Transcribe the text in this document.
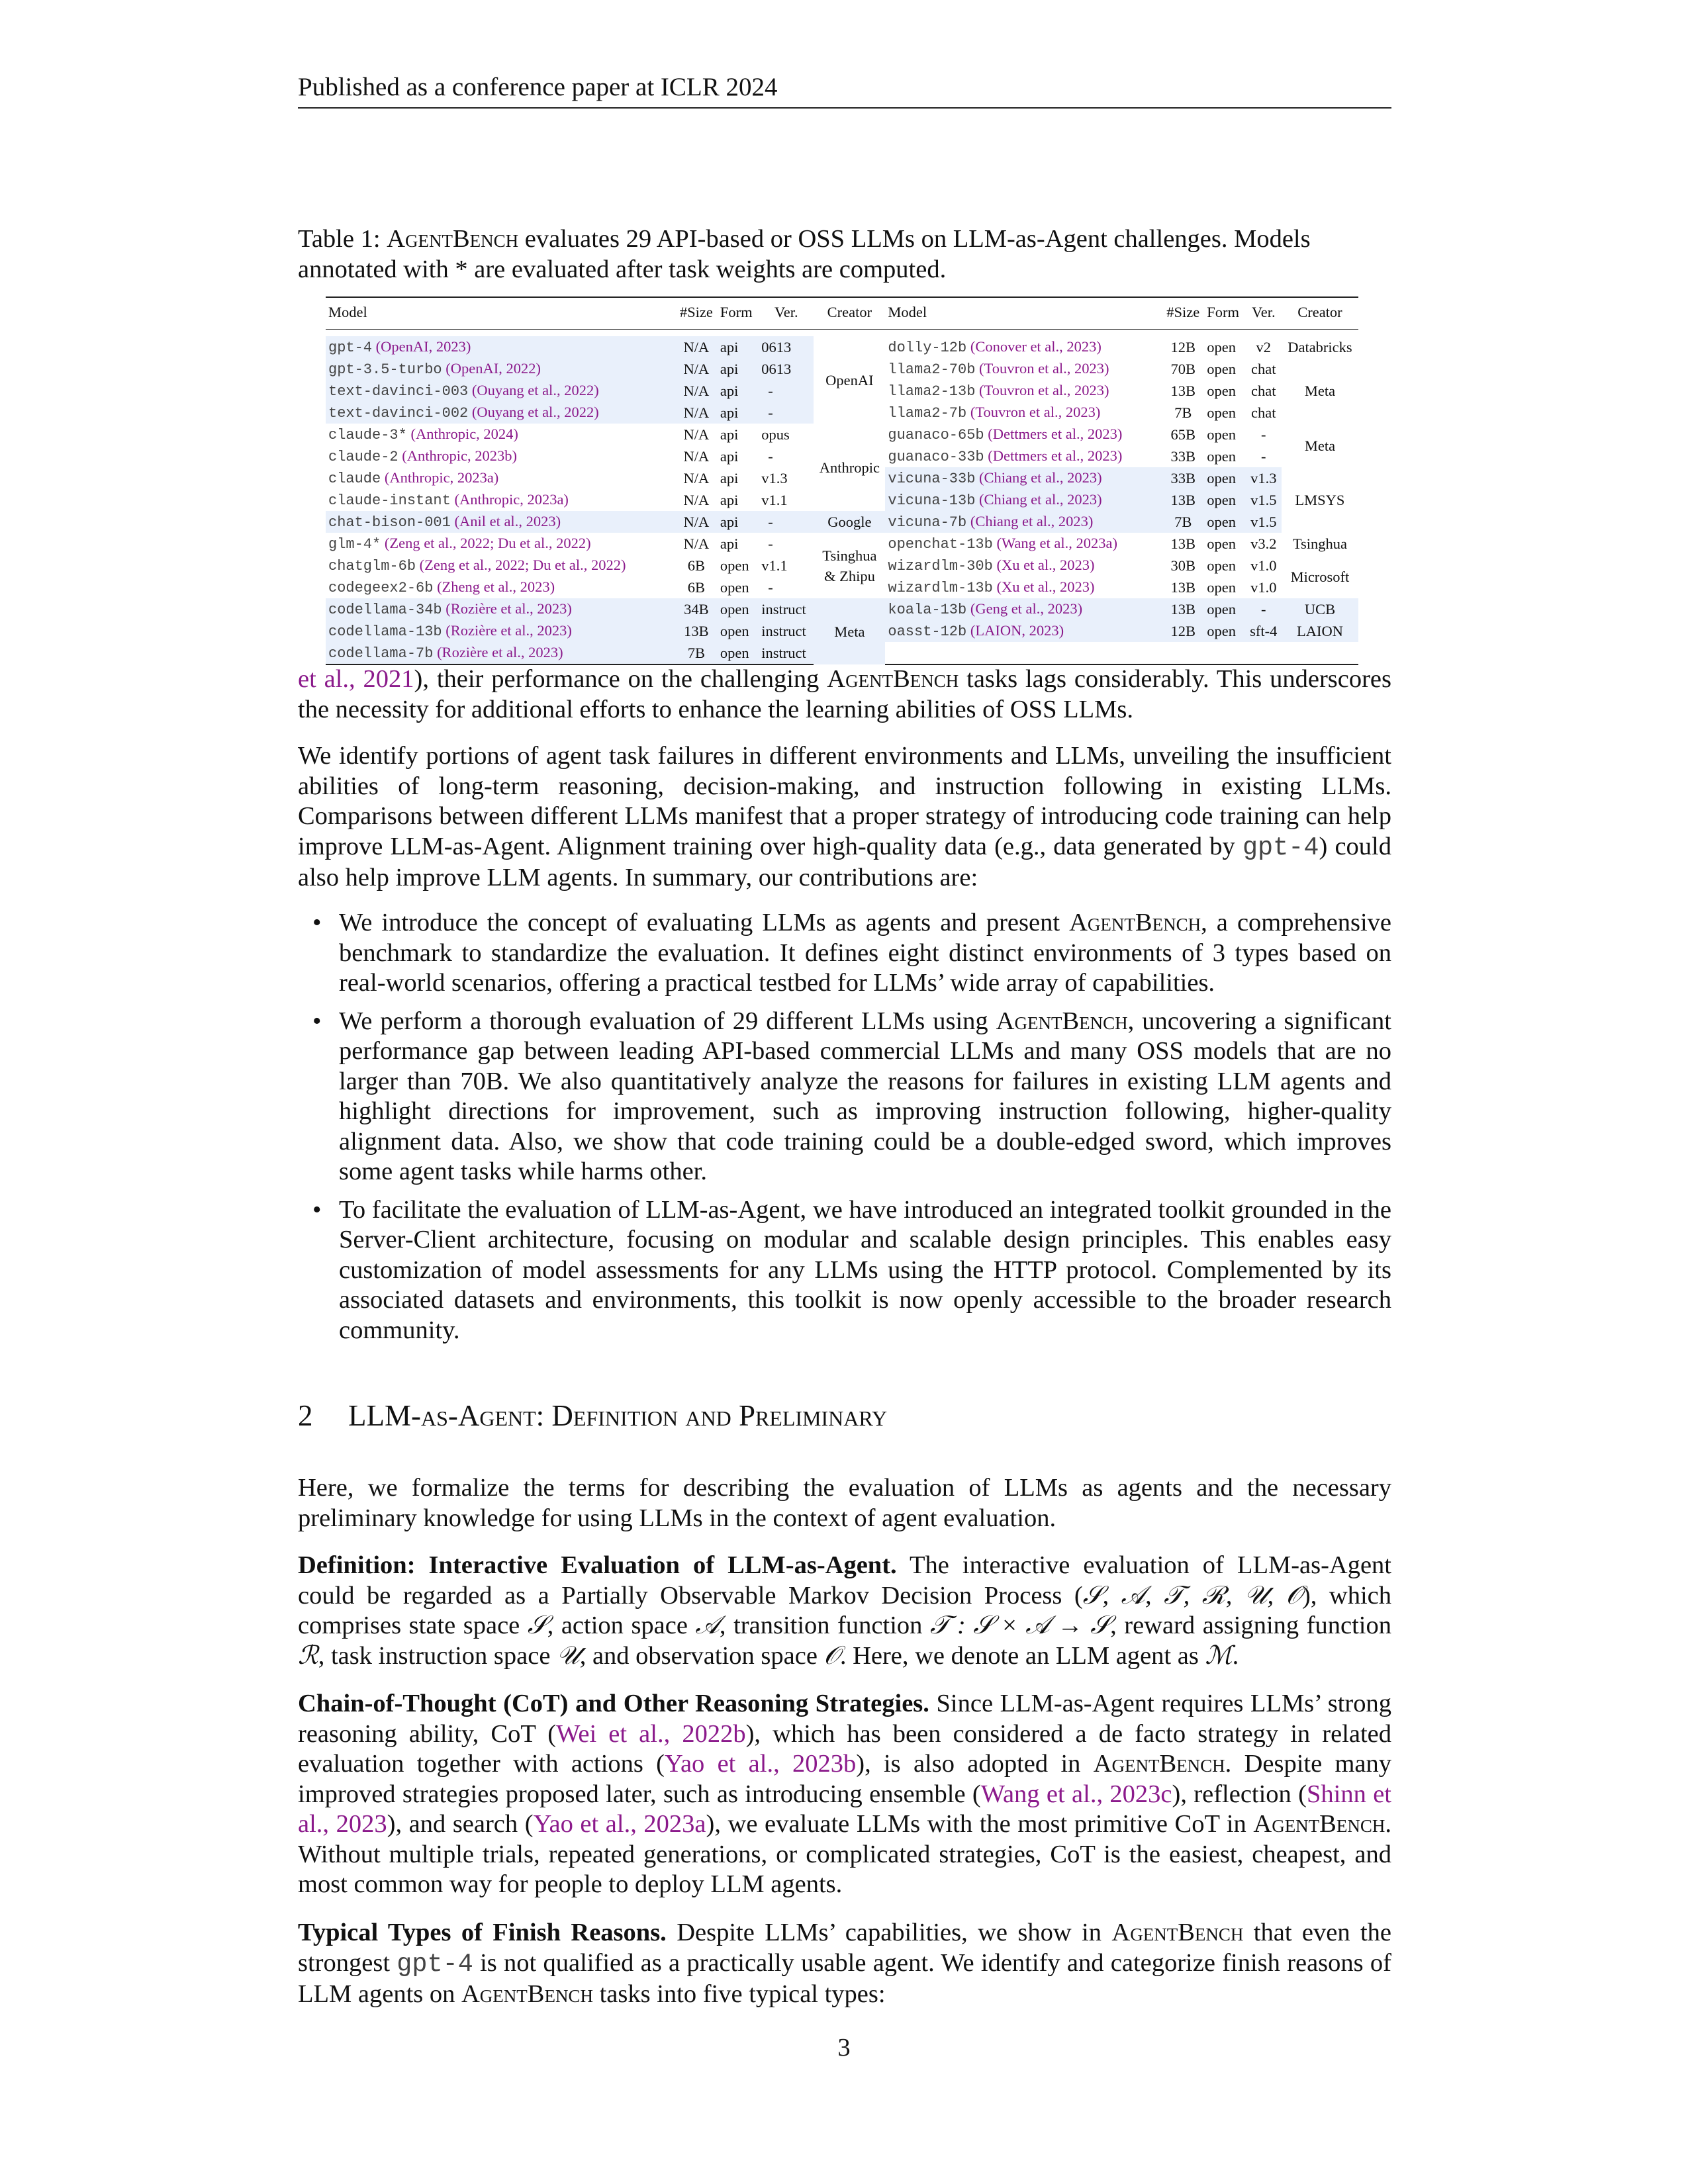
Published as a conference paper at ICLR 2024
Table 1: AgentBench evaluates 29 API-based or OSS LLMs on LLM-as-Agent challenges. Models annotated with * are evaluated after task weights are computed.
Model	#Size	Form	Ver.	Creator	Model	#Size	Form	Ver.	Creator

gpt-4 (OpenAI, 2023)	N/A	api	0613	OpenAI	dolly-12b (Conover et al., 2023)	12B	open	v2	Databricks
gpt-3.5-turbo (OpenAI, 2022)	N/A	api	0613		llama2-70b (Touvron et al., 2023)	70B	open	chat	Meta
text-davinci-003 (Ouyang et al., 2022)	N/A	api	-		llama2-13b (Touvron et al., 2023)	13B	open	chat	
text-davinci-002 (Ouyang et al., 2022)	N/A	api	-		llama2-7b (Touvron et al., 2023)	7B	open	chat	
claude-3* (Anthropic, 2024)	N/A	api	opus	Anthropic	guanaco-65b (Dettmers et al., 2023)	65B	open	-	Meta
claude-2 (Anthropic, 2023b)	N/A	api	-		guanaco-33b (Dettmers et al., 2023)	33B	open	-	
claude (Anthropic, 2023a)	N/A	api	v1.3		vicuna-33b (Chiang et al., 2023)	33B	open	v1.3	LMSYS
claude-instant (Anthropic, 2023a)	N/A	api	v1.1		vicuna-13b (Chiang et al., 2023)	13B	open	v1.5	
chat-bison-001 (Anil et al., 2023)	N/A	api	-	Google	vicuna-7b (Chiang et al., 2023)	7B	open	v1.5	
glm-4* (Zeng et al., 2022; Du et al., 2022)	N/A	api	-	Tsinghua & Zhipu	openchat-13b (Wang et al., 2023a)	13B	open	v3.2	Tsinghua
chatglm-6b (Zeng et al., 2022; Du et al., 2022)	6B	open	v1.1		wizardlm-30b (Xu et al., 2023)	30B	open	v1.0	Microsoft
codegeex2-6b (Zheng et al., 2023)	6B	open	-		wizardlm-13b (Xu et al., 2023)	13B	open	v1.0	
codellama-34b (Rozière et al., 2023)	34B	open	instruct	Meta	koala-13b (Geng et al., 2023)	13B	open	-	UCB
codellama-13b (Rozière et al., 2023)	13B	open	instruct		oasst-12b (LAION, 2023)	12B	open	sft-4	LAION
codellama-7b (Rozière et al., 2023)	7B	open	instruct						

et al., 2021), their performance on the challenging AgentBench tasks lags considerably. This underscores the necessity for additional efforts to enhance the learning abilities of OSS LLMs.

We identify portions of agent task failures in different environments and LLMs, unveiling the insufficient abilities of long-term reasoning, decision-making, and instruction following in existing LLMs. Comparisons between different LLMs manifest that a proper strategy of introducing code training can help improve LLM-as-Agent. Alignment training over high-quality data (e.g., data generated by gpt-4) could also help improve LLM agents. In summary, our contributions are:

• We introduce the concept of evaluating LLMs as agents and present AgentBench, a comprehensive benchmark to standardize the evaluation. It defines eight distinct environments of 3 types based on real-world scenarios, offering a practical testbed for LLMs’ wide array of capabilities.
• We perform a thorough evaluation of 29 different LLMs using AgentBench, uncovering a significant performance gap between leading API-based commercial LLMs and many OSS models that are no larger than 70B. We also quantitatively analyze the reasons for failures in existing LLM agents and highlight directions for improvement, such as improving instruction following, higher-quality alignment data. Also, we show that code training could be a double-edged sword, which improves some agent tasks while harms other.
• To facilitate the evaluation of LLM-as-Agent, we have introduced an integrated toolkit grounded in the Server-Client architecture, focusing on modular and scalable design principles. This enables easy customization of model assessments for any LLMs using the HTTP protocol. Complemented by its associated datasets and environments, this toolkit is now openly accessible to the broader research community.
2 LLM-as-Agent: Definition and Preliminary
Here, we formalize the terms for describing the evaluation of LLMs as agents and the necessary preliminary knowledge for using LLMs in the context of agent evaluation.

Definition: Interactive Evaluation of LLM-as-Agent. The interactive evaluation of LLM-as-Agent could be regarded as a Partially Observable Markov Decision Process (𝒮, 𝒜, 𝒯, ℛ, 𝒰, 𝒪), which comprises state space 𝒮, action space 𝒜, transition function 𝒯 : 𝒮 × 𝒜 → 𝒮, reward assigning function ℛ, task instruction space 𝒰, and observation space 𝒪. Here, we denote an LLM agent as ℳ.

Chain-of-Thought (CoT) and Other Reasoning Strategies. Since LLM-as-Agent requires LLMs’ strong reasoning ability, CoT (Wei et al., 2022b), which has been considered a de facto strategy in related evaluation together with actions (Yao et al., 2023b), is also adopted in AgentBench. Despite many improved strategies proposed later, such as introducing ensemble (Wang et al., 2023c), reflection (Shinn et al., 2023), and search (Yao et al., 2023a), we evaluate LLMs with the most primitive CoT in AgentBench. Without multiple trials, repeated generations, or complicated strategies, CoT is the easiest, cheapest, and most common way for people to deploy LLM agents.

Typical Types of Finish Reasons. Despite LLMs’ capabilities, we show in AgentBench that even the strongest gpt-4 is not qualified as a practically usable agent. We identify and categorize finish reasons of LLM agents on AgentBench tasks into five typical types:

3
